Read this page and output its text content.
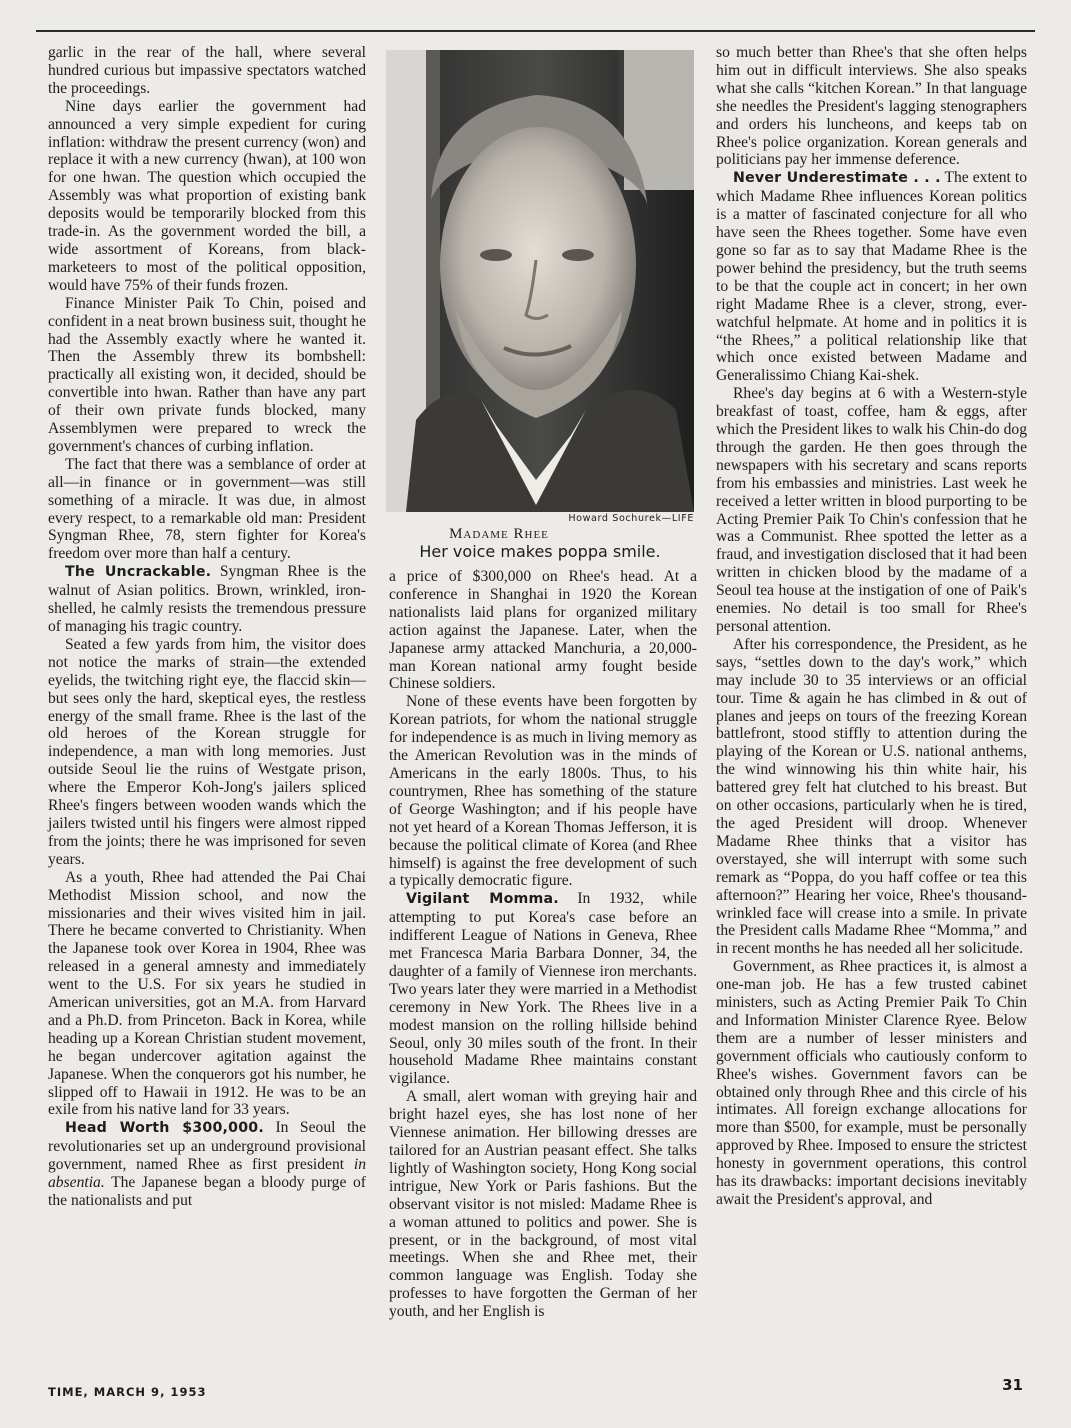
garlic in the rear of the hall, where several hundred curious but impassive spectators watched the proceedings.

Nine days earlier the government had announced a very simple expedient for curing inflation: withdraw the present currency (won) and replace it with a new currency (hwan), at 100 won for one hwan. The question which occupied the Assembly was what proportion of existing bank deposits would be temporarily blocked from this trade-in. As the government worded the bill, a wide assortment of Koreans, from black-marketeers to most of the political opposition, would have 75% of their funds frozen.

Finance Minister Paik To Chin, poised and confident in a neat brown business suit, thought he had the Assembly exactly where he wanted it. Then the Assembly threw its bombshell: practically all existing won, it decided, should be convertible into hwan. Rather than have any part of their own private funds blocked, many Assemblymen were prepared to wreck the government's chances of curbing inflation.

The fact that there was a semblance of order at all—in finance or in government—was still something of a miracle. It was due, in almost every respect, to a remarkable old man: President Syngman Rhee, 78, stern fighter for Korea's freedom over more than half a century.

The Uncrackable. Syngman Rhee is the walnut of Asian politics. Brown, wrinkled, iron-shelled, he calmly resists the tremendous pressure of managing his tragic country.

Seated a few yards from him, the visitor does not notice the marks of strain—the extended eyelids, the twitching right eye, the flaccid skin—but sees only the hard, skeptical eyes, the restless energy of the small frame. Rhee is the last of the old heroes of the Korean struggle for independence, a man with long memories. Just outside Seoul lie the ruins of Westgate prison, where the Emperor Koh-Jong's jailers spliced Rhee's fingers between wooden wands which the jailers twisted until his fingers were almost ripped from the joints; there he was imprisoned for seven years.

As a youth, Rhee had attended the Pai Chai Methodist Mission school, and now the missionaries and their wives visited him in jail. There he became converted to Christianity. When the Japanese took over Korea in 1904, Rhee was released in a general amnesty and immediately went to the U.S. For six years he studied in American universities, got an M.A. from Harvard and a Ph.D. from Princeton. Back in Korea, while heading up a Korean Christian student movement, he began undercover agitation against the Japanese. When the conquerors got his number, he slipped off to Hawaii in 1912. He was to be an exile from his native land for 33 years.

Head Worth $300,000. In Seoul the revolutionaries set up an underground provisional government, named Rhee as first president in absentia. The Japanese began a bloody purge of the nationalists and put

Howard Sochurek—LIFE
Madame Rhee
Her voice makes poppa smile.

a price of $300,000 on Rhee's head. At a conference in Shanghai in 1920 the Korean nationalists laid plans for organized military action against the Japanese. Later, when the Japanese army attacked Manchuria, a 20,000-man Korean national army fought beside Chinese soldiers.

None of these events have been forgotten by Korean patriots, for whom the national struggle for independence is as much in living memory as the American Revolution was in the minds of Americans in the early 1800s. Thus, to his countrymen, Rhee has something of the stature of George Washington; and if his people have not yet heard of a Korean Thomas Jefferson, it is because the political climate of Korea (and Rhee himself) is against the free development of such a typically democratic figure.

Vigilant Momma. In 1932, while attempting to put Korea's case before an indifferent League of Nations in Geneva, Rhee met Francesca Maria Barbara Donner, 34, the daughter of a family of Viennese iron merchants. Two years later they were married in a Methodist ceremony in New York. The Rhees live in a modest mansion on the rolling hillside behind Seoul, only 30 miles south of the front. In their household Madame Rhee maintains constant vigilance.

A small, alert woman with greying hair and bright hazel eyes, she has lost none of her Viennese animation. Her billowing dresses are tailored for an Austrian peasant effect. She talks lightly of Washington society, Hong Kong social intrigue, New York or Paris fashions. But the observant visitor is not misled: Madame Rhee is a woman attuned to politics and power. She is present, or in the background, of most vital meetings. When she and Rhee met, their common language was English. Today she professes to have forgotten the German of her youth, and her English is

so much better than Rhee's that she often helps him out in difficult interviews. She also speaks what she calls “kitchen Korean.” In that language she needles the President's lagging stenographers and orders his luncheons, and keeps tab on Rhee's police organization. Korean generals and politicians pay her immense deference.

Never Underestimate . . . The extent to which Madame Rhee influences Korean politics is a matter of fascinated conjecture for all who have seen the Rhees together. Some have even gone so far as to say that Madame Rhee is the power behind the presidency, but the truth seems to be that the couple act in concert; in her own right Madame Rhee is a clever, strong, ever-watchful helpmate. At home and in politics it is “the Rhees,” a political relationship like that which once existed between Madame and Generalissimo Chiang Kai-shek.

Rhee's day begins at 6 with a Western-style breakfast of toast, coffee, ham & eggs, after which the President likes to walk his Chin-do dog through the garden. He then goes through the newspapers with his secretary and scans reports from his embassies and ministries. Last week he received a letter written in blood purporting to be Acting Premier Paik To Chin's confession that he was a Communist. Rhee spotted the letter as a fraud, and investigation disclosed that it had been written in chicken blood by the madame of a Seoul tea house at the instigation of one of Paik's enemies. No detail is too small for Rhee's personal attention.

After his correspondence, the President, as he says, “settles down to the day's work,” which may include 30 to 35 interviews or an official tour. Time & again he has climbed in & out of planes and jeeps on tours of the freezing Korean battlefront, stood stiffly to attention during the playing of the Korean or U.S. national anthems, the wind winnowing his thin white hair, his battered grey felt hat clutched to his breast. But on other occasions, particularly when he is tired, the aged President will droop. Whenever Madame Rhee thinks that a visitor has overstayed, she will interrupt with some such remark as “Poppa, do you haff coffee or tea this afternoon?” Hearing her voice, Rhee's thousand-wrinkled face will crease into a smile. In private the President calls Madame Rhee “Momma,” and in recent months he has needed all her solicitude.

Government, as Rhee practices it, is almost a one-man job. He has a few trusted cabinet ministers, such as Acting Premier Paik To Chin and Information Minister Clarence Ryee. Below them are a number of lesser ministers and government officials who cautiously conform to Rhee's wishes. Government favors can be obtained only through Rhee and this circle of his intimates. All foreign exchange allocations for more than $500, for example, must be personally approved by Rhee. Imposed to ensure the strictest honesty in government operations, this control has its drawbacks: important decisions inevitably await the President's approval, and

TIME, MARCH 9, 1953	31
